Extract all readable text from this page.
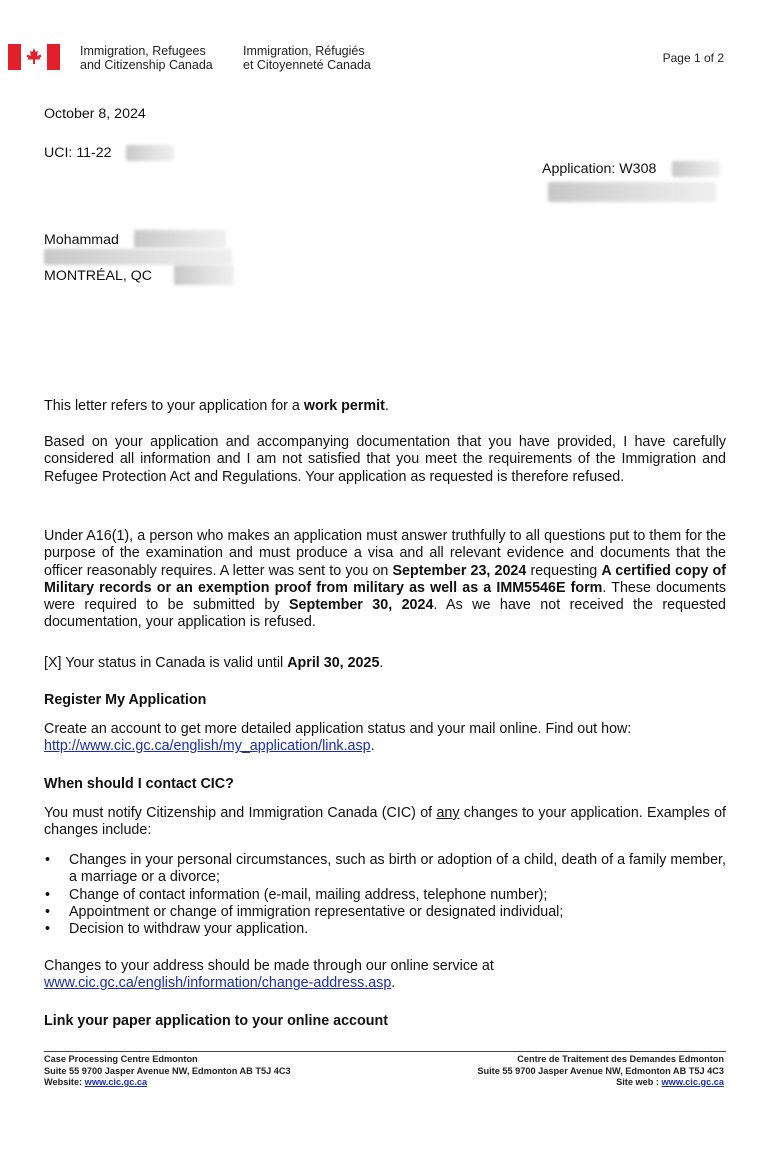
Immigration, Refugees
and Citizenship Canada
Immigration, Réfugiés
et Citoyenneté Canada	Page 1 of 2
October 8, 2024
UCI: 11-22
Application: W308
Mohammad
MONTRÉAL, QC
This letter refers to your application for a work permit.
Based on your application and accompanying documentation that you have provided, I have carefully considered all information and I am not satisfied that you meet the requirements of the Immigration and Refugee Protection Act and Regulations. Your application as requested is therefore refused.
Under A16(1), a person who makes an application must answer truthfully to all questions put to them for the purpose of the examination and must produce a visa and all relevant evidence and documents that the officer reasonably requires. A letter was sent to you on September 23, 2024 requesting A certified copy of Military records or an exemption proof from military as well as a IMM5546E form. These documents were required to be submitted by September 30, 2024. As we have not received the requested documentation, your application is refused.
[X] Your status in Canada is valid until April 30, 2025.
Register My Application
Create an account to get more detailed application status and your mail online. Find out how:
http://www.cic.gc.ca/english/my_application/link.asp.
When should I contact CIC?
You must notify Citizenship and Immigration Canada (CIC) of any changes to your application. Examples of changes include:
• Changes in your personal circumstances, such as birth or adoption of a child, death of a family member, a marriage or a divorce;
• Change of contact information (e-mail, mailing address, telephone number);
• Appointment or change of immigration representative or designated individual;
• Decision to withdraw your application.
Changes to your address should be made through our online service at
www.cic.gc.ca/english/information/change-address.asp.
Link your paper application to your online account
Case Processing Centre Edmonton
Suite 55 9700 Jasper Avenue NW, Edmonton AB T5J 4C3
Website: www.cic.gc.ca
Centre de Traitement des Demandes Edmonton
Suite 55 9700 Jasper Avenue NW, Edmonton AB T5J 4C3
Site web : www.cic.gc.ca
